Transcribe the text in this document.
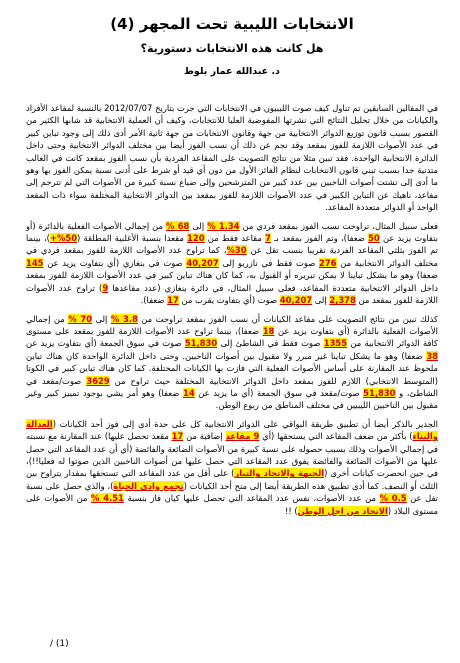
الانتخابات الليبية تحت المجهر (4)
هل كانت هذه الانتخابات دستورية؟
د. عبدالله عمار بلوط

في المقالين السابقين تم تناول كيف صوت الليبيون في الانتخابات التي جرت بتاريخ 2012/07/07 بالنسبة لمقاعد الأفراد والكيانات من خلال تحليل النتائج التي نشرتها المفوضية العليا للانتخابات، وكيف أن العملية الانتخابية قد شابها الكثير من القصور بسبب قانون توزيع الدوائر الانتخابية من جهة وقانون الانتخابات من جهة ثانية الأمر أدى ذلك إلى وجود تباين كبير في عدد الأصوات اللازمة للفوز بمقعد وقد نجم عن ذلك أن نسب الفوز أيضا بين مختلف الدوائر الانتخابية وحتى داخل الدائرة الانتخابية الواحدة. فقد تبين مثلا من نتائج التصويت على المقاعد الفردية بأن نسب الفوز بمقعد كانت في الغالب متدنية جدا بسبب تبني قانون الانتخابات لنظام الفائز الأول من دون أي قيد أو شرط على أدنى نسبة يمكن الفوز بها وهو ما أدى إلى تشتت أصوات الناخبين بين عدد كبير من المترشحين وإلى ضياع نسبة كبيرة من الأصوات التي لم تترجم إلى مقاعد، ناهيك عن التباين الكبير في عدد الأصوات اللازمة للفوز بمقعد بين الدوائر الانتخابية المختلفة سواء ذات المقعد الواحد أو الدوائر متعددة المقاعد.

فعلى سبيل المثال، تراوحت نسب الفوز بمقعد فردي من 1.34 % إلى 68 % من إجمالي الأصوات الفعلية بالدائرة (أو بتفاوت يزيد عن 50 ضعفا)، وتم الفوز بمقعد بـ 7 مقاعد فقط من 120 مقعدا بنسبة الأغلبية المطلقة (50%+)، بينما تم الفوز بثلثي المقاعد الفردية تقريبا بنسب تقل عن 30%، كما تراوح عدد الأصوات اللازمة للفوز بمقعد فردي في مختلف الدوائر الانتخابية من 276 صوت فقط في تازربو إلى 40,207 صوت في بنغازي (أي بتفاوت يزيد عن 145 ضعفا) وهو ما يشكل تباينا لا يمكن تبريره أو القبول به، كما كان هناك تباين كبير في عدد الأصوات اللازمة للفوز بمقعد داخل الدوائر الانتخابية متعددة المقاعد، فعلى سبيل المثال، في دائرة بنغازي (عدد مقاعدها 9) تراوح عدد الأصوات اللازمة للفوز بمقعد من 2,378 إلى 40,207 صوت (أي بتفاوت يقرب من 17 ضعفا).

كذلك تبين من نتائج التصويت على مقاعد الكيانات أن نسب الفوز بمقعد تراوحت من 3.8 % إلى 70 % من إجمالي الأصوات الفعلية بالدائرة (أي بتفاوت يزيد عن 18 ضعفا)، بينما تراوح عدد الأصوات اللازمة للفوز بمقعد على مستوى كافة الدوائر الانتخابية من 1355 صوت فقط في الشاطئ إلى 51,830 صوت في سوق الجمعة (أي بتفاوت يزيد عن 38 ضعفا) وهو ما يشكل تباينا غير مبرر ولا مقبول بين أصوات الناخبين. وحتى داخل الدائرة الواحدة كان هناك تباين ملحوظ عند المقارنة على أساس الأصوات الفعلية التي فازت بها الكيانات المختلفة. كما كان هناك تباين كبير في الكوتا (المتوسط الانتخابي) اللازم للفوز بمقعد داخل الدوائر الانتخابية المختلفة حيث تراوح من 3629 صوت/مقعد في الشاطئ، و 51,830 صوت/مقعد في سوق الجمعة (أي ما يزيد عن 14 ضعفا) وهو أمر يشي بوجود تمييز كبير وغير مقبول بين الناخبين الليبيين في مختلف المناطق من ربوع الوطن.

الجدير بالذكر أيضا أن تطبيق طريقة البواقي على الدوائر الانتخابية كل على حدة أدى إلى فوز أحد الكيانات (العدالة والبناء) بأكثر من ضعف المقاعد التي يستحقها (أي 9 مقاعد إضافية من 17 مقعد تحصل عليها) عند المقارنة مع نسبته في إجمالي الأصوات وذلك بسبب حصوله على نسبة كبيرة من الأصوات الضائعة والفائضة (أي أن عدد المقاعد التي حصل عليها من الأصوات الضائعة والفائضة يفوق عدد المقاعد التي حصل عليها من أصوات الناخبين الذين صوتوا له فعليا!!)، في حين انحصرت كيانات أخرى (الجبهة والاتحاد والتيار) على أقل من عدد المقاعد التي تستحقها بمقدار يتراوح بين الثلث أو النصف. كما أدى تطبيق هذه الطريقة أيضا إلى منح أحد الكيانات (تجمع وادي الحياة)، والذي حصل على نسبة تقل عن 0.5 % من عدد الأصوات، نفس عدد المقاعد التي تحصل عليها كيان فاز بنسبة 4.51 % من الأصوات على مستوى البلاد (الاتحاد من اجل الوطن) !!

/ (1)
